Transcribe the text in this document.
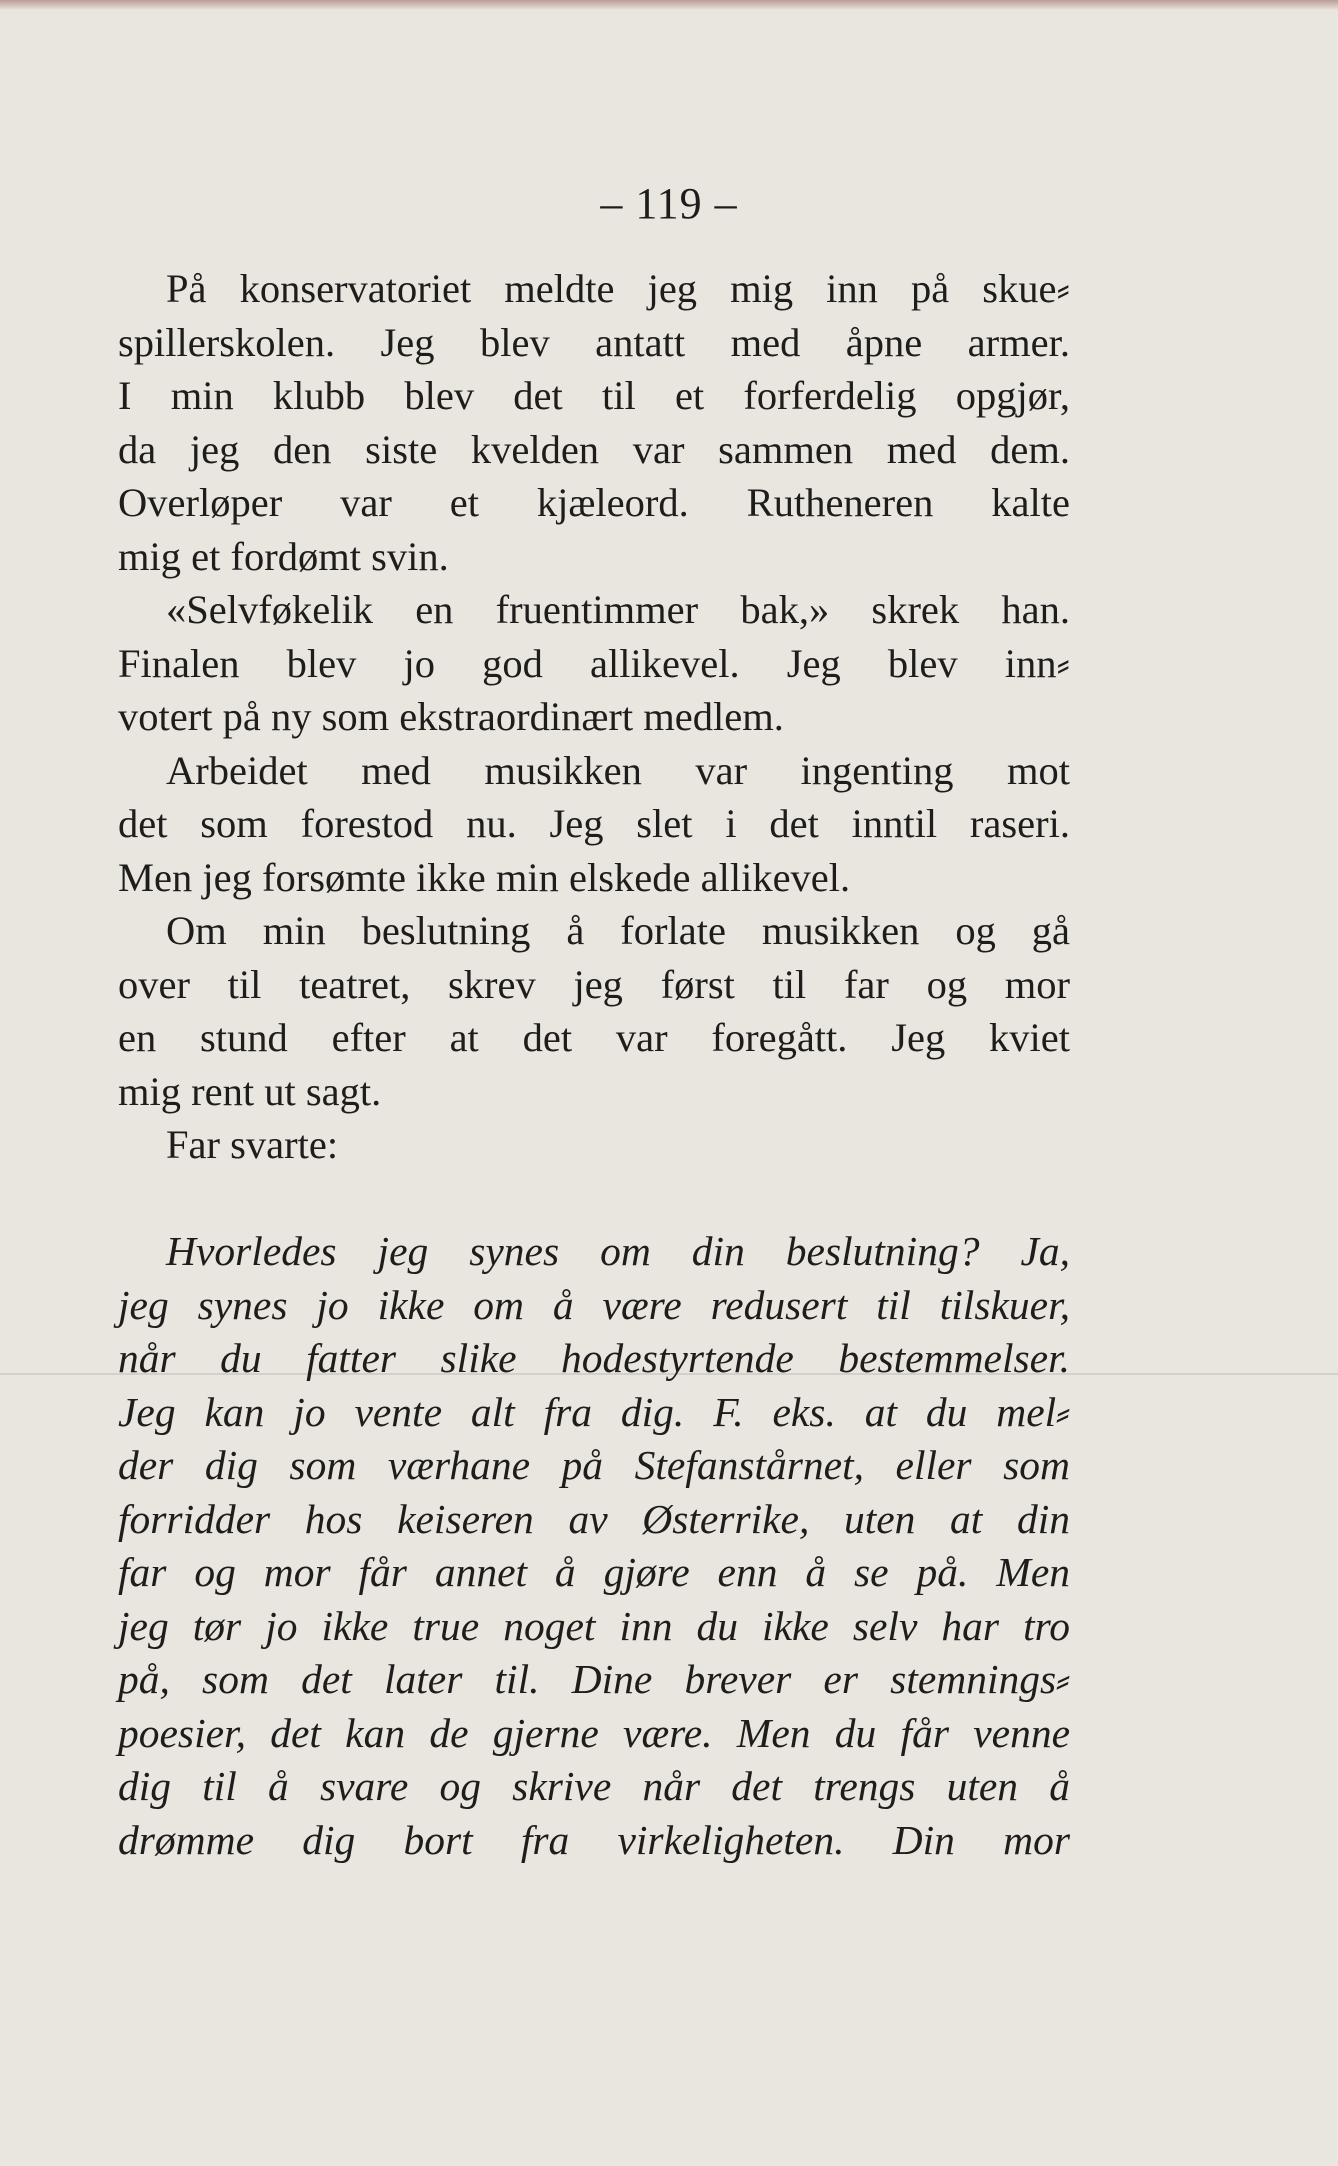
– 119 –
På konservatoriet meldte jeg mig inn på skue⸗
spillerskolen. Jeg blev antatt med åpne armer.
I min klubb blev det til et forferdelig opgjør,
da jeg den siste kvelden var sammen med dem.
Overløper var et kjæleord. Rutheneren kalte
mig et fordømt svin.
«Selvføkelik en fruentimmer bak,» skrek han.
Finalen blev jo god allikevel. Jeg blev inn⸗
votert på ny som ekstraordinært medlem.
Arbeidet med musikken var ingenting mot
det som forestod nu. Jeg slet i det inntil raseri.
Men jeg forsømte ikke min elskede allikevel.
Om min beslutning å forlate musikken og gå
over til teatret, skrev jeg først til far og mor
en stund efter at det var foregått. Jeg kviet
mig rent ut sagt.
Far svarte:
Hvorledes jeg synes om din beslutning? Ja,
jeg synes jo ikke om å være redusert til tilskuer,
når du fatter slike hodestyrtende bestemmelser.
Jeg kan jo vente alt fra dig. F. eks. at du mel⸗
der dig som værhane på Stefanstårnet, eller som
forridder hos keiseren av Østerrike, uten at din
far og mor får annet å gjøre enn å se på. Men
jeg tør jo ikke true noget inn du ikke selv har tro
på, som det later til. Dine brever er stemnings⸗
poesier, det kan de gjerne være. Men du får venne
dig til å svare og skrive når det trengs uten å
drømme dig bort fra virkeligheten. Din mor
